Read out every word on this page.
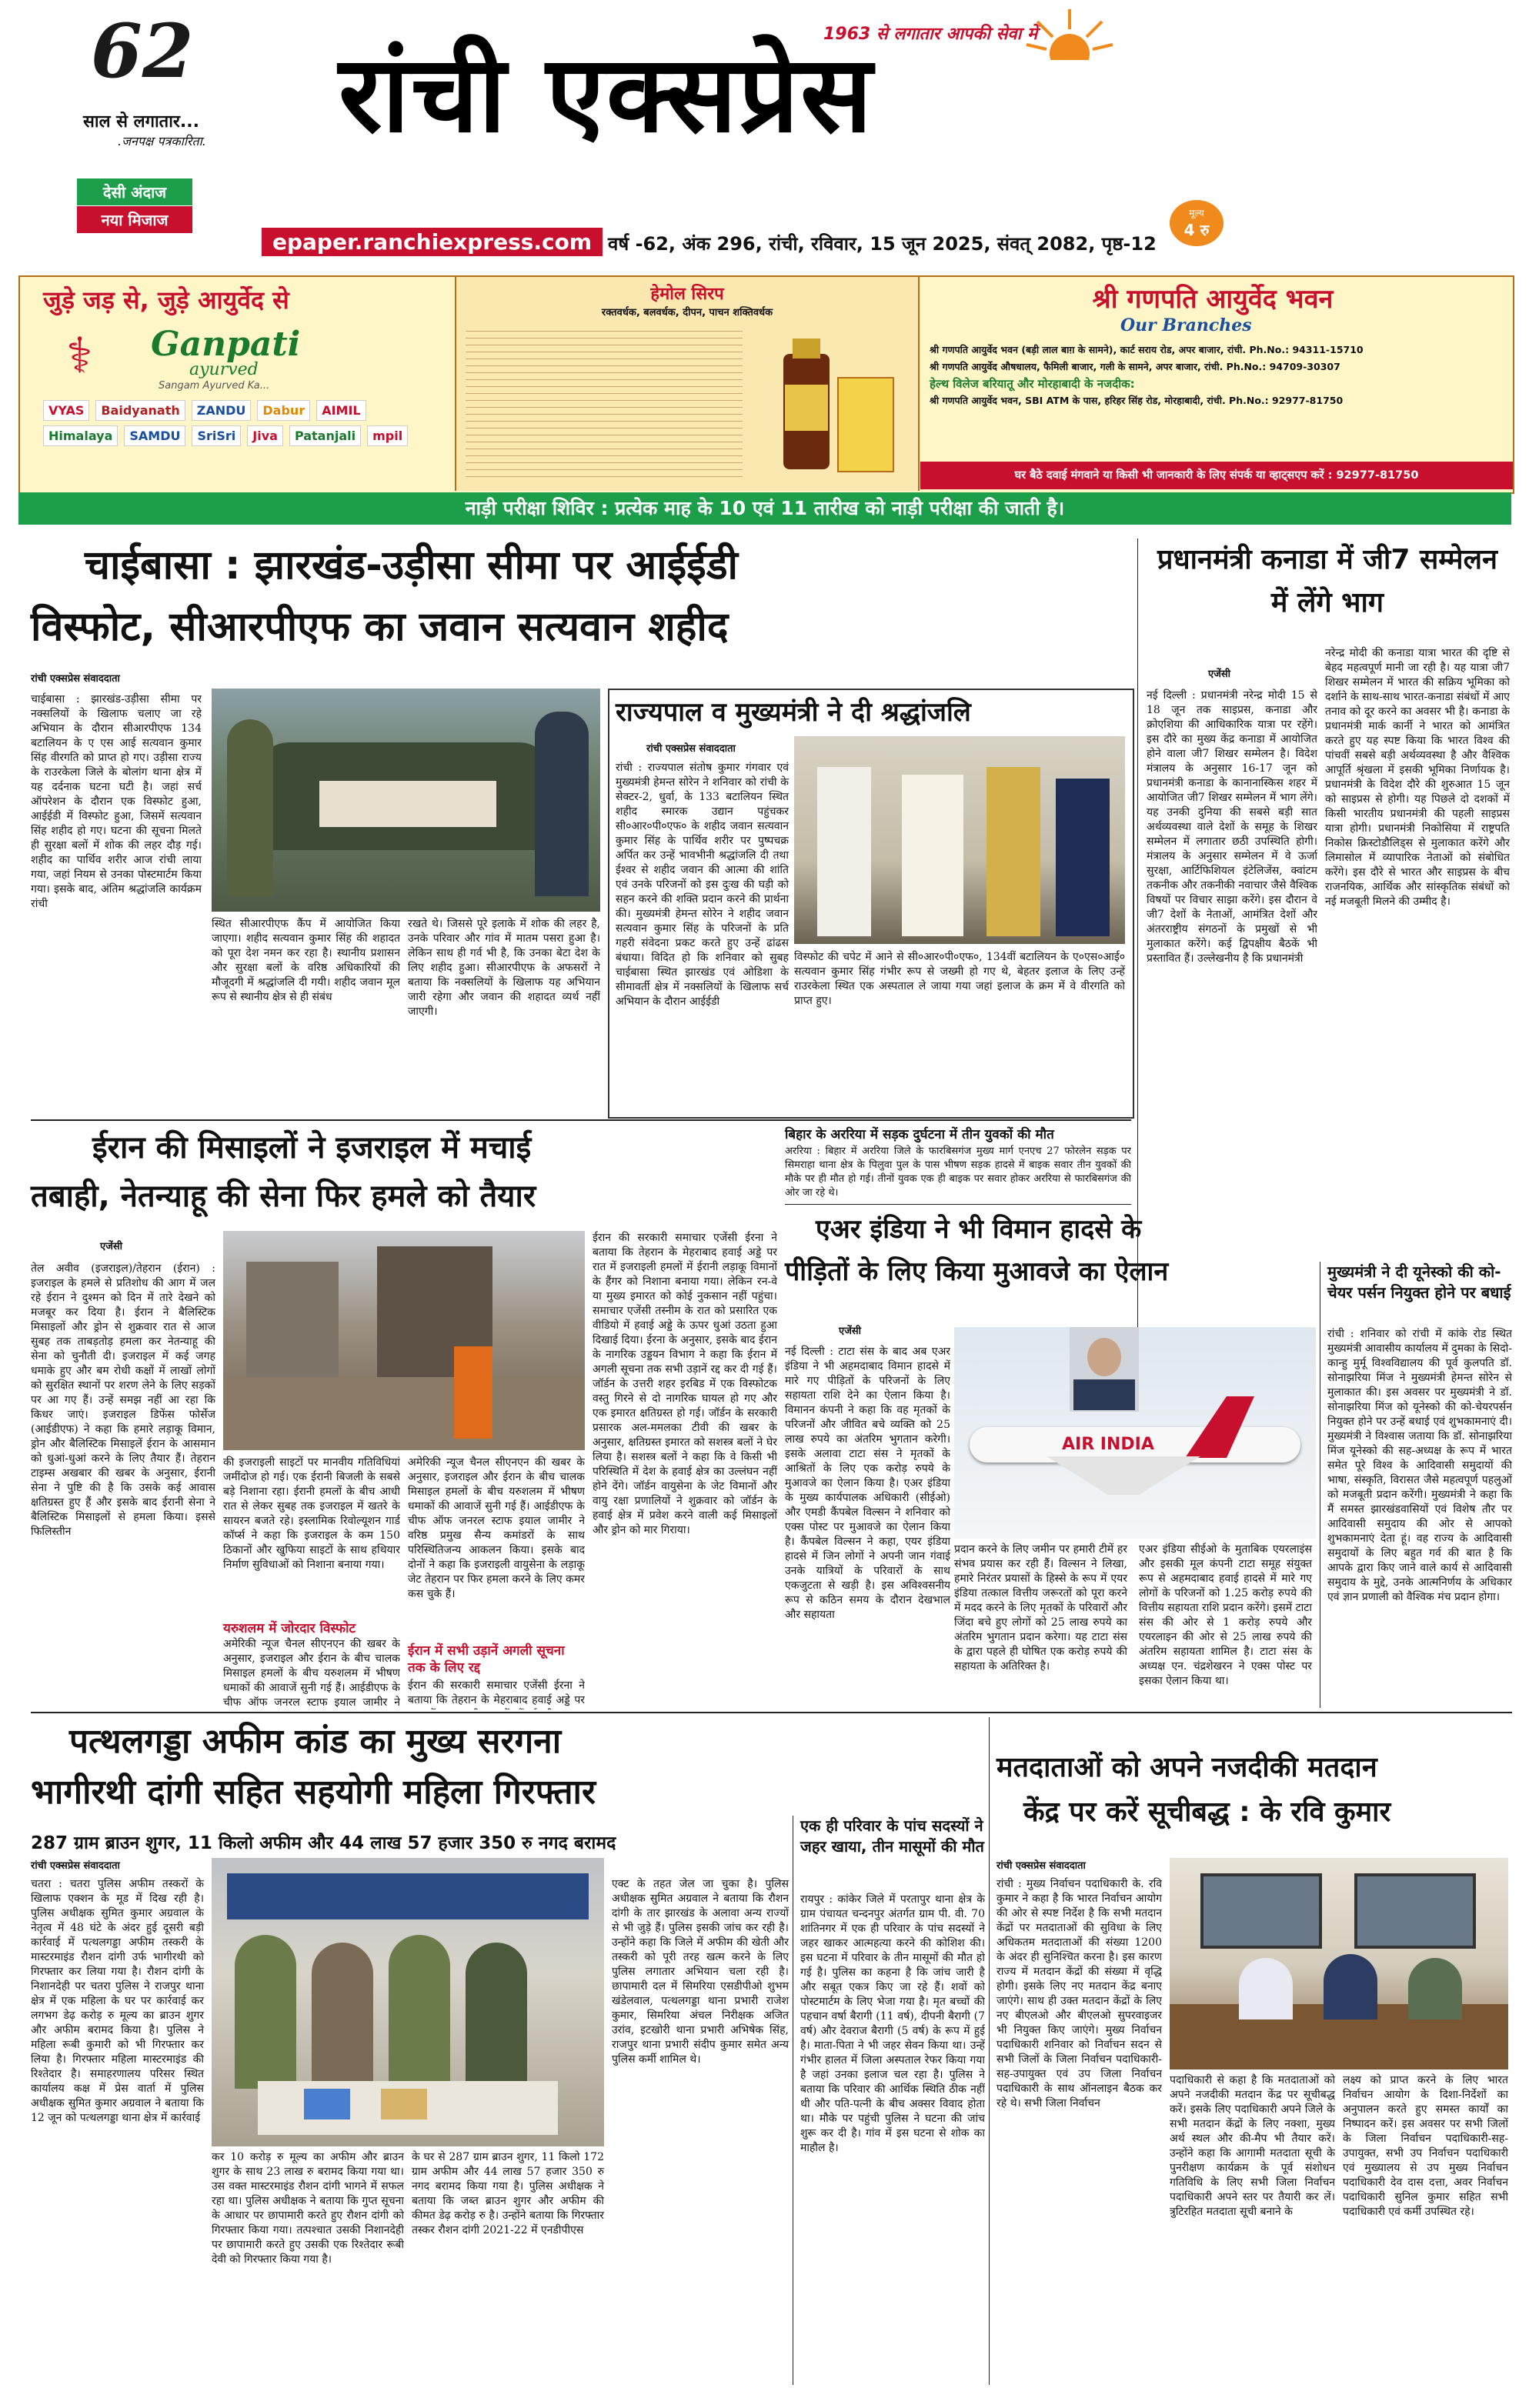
62
साल से लगातार...
.जनपक्ष पत्रकारिता.
देसी अंदाज
नया मिजाज
1963 से लगातार आपकी सेवा में
रांची एक्सप्रेस
मूल्य
4 रु
epaper.ranchiexpress.com वर्ष -62, अंक 296, रांची, रविवार, 15 जून 2025, संवत् 2082, पृष्ठ-12
जुड़े जड़ से, जुड़े आयुर्वेद से
⚕ Ganpati
ayurved
Sangam Ayurved Ka...
VYAS	Baidyanath	ZANDU	Dabur	AIMIL
Himalaya	SAMDU	SriSri	Jiva	Patanjali	mpil
हेमोल सिरप
रक्तवर्धक, बलवर्धक, दीपन, पाचन शक्तिवर्धक	श्री गणपति आयुर्वेद भवन
Our Branches
श्री गणपति आयुर्वेद भवन (बड़ी लाल बाग़ के सामने), कार्ट सराय रोड, अपर बाजार, रांची. Ph.No.: 94311-15710
श्री गणपति आयुर्वेद औषधालय, फैमिली बाजार, गली के सामने, अपर बाजार, रांची. Ph.No.: 94709-30307
हेल्थ विलेज बरियातू और मोरहाबादी के नजदीक:
श्री गणपति आयुर्वेद भवन, SBI ATM के पास, हरिहर सिंह रोड, मोरहाबादी, रांची. Ph.No.: 92977-81750
घर बैठे दवाई मंगवाने या किसी भी जानकारी के लिए संपर्क या व्हाट्सएप करें : 92977-81750
नाड़ी परीक्षा शिविर : प्रत्येक माह के 10 एवं 11 तारीख को नाड़ी परीक्षा की जाती है।
चाईबासा : झारखंड-उड़ीसा सीमा पर आईईडी
विस्फोट, सीआरपीएफ का जवान सत्यवान शहीद
रांची एक्सप्रेस संवाददाता
चाईबासा : झारखंड-उड़ीसा सीमा पर नक्सलियों के खिलाफ चलाए जा रहे अभियान के दौरान सीआरपीएफ 134 बटालियन के ए एस आई सत्यवान कुमार सिंह वीरगति को प्राप्त हो गए। उड़ीसा राज्य के राउरकेला जिले के बोलांग थाना क्षेत्र में यह दर्दनाक घटना घटी है। जहां सर्च ऑपरेशन के दौरान एक विस्फोट हुआ, आईईडी में विस्फोट हुआ, जिसमें सत्यवान सिंह शहीद हो गए। घटना की सूचना मिलते ही सुरक्षा बलों में शोक की लहर दौड़ गई। शहीद का पार्थिव शरीर आज रांची लाया गया, जहां नियम से उनका पोस्टमार्टम किया गया। इसके बाद, अंतिम श्रद्धांजलि कार्यक्रम रांची
स्थित सीआरपीएफ कैंप में आयोजित किया जाएगा। शहीद सत्यवान कुमार सिंह की शहादत को पूरा देश नमन कर रहा है। स्थानीय प्रशासन और सुरक्षा बलों के वरिष्ठ अधिकारियों की मौजूदगी में श्रद्धांजलि दी गयी। शहीद जवान मूल रूप से स्थानीय क्षेत्र से ही संबंध
रखते थे। जिससे पूरे इलाके में शोक की लहर है, उनके परिवार और गांव में मातम पसरा हुआ है। लेकिन साथ ही गर्व भी है, कि उनका बेटा देश के लिए शहीद हुआ। सीआरपीएफ के अफसरों ने बताया कि नक्सलियों के खिलाफ यह अभियान जारी रहेगा और जवान की शहादत व्यर्थ नहीं जाएगी।
राज्यपाल व मुख्यमंत्री ने दी श्रद्धांजलि
रांची एक्सप्रेस संवाददाता
रांची : राज्यपाल संतोष कुमार गंगवार एवं मुख्यमंत्री हेमन्त सोरेन ने शनिवार को रांची के सेक्टर-2, धुर्वा, के 133 बटालियन स्थित शहीद स्मारक उद्यान पहुंचकर सी०आर०पी०एफ० के शहीद जवान सत्यवान कुमार सिंह के पार्थिव शरीर पर पुष्पचक्र अर्पित कर उन्हें भावभीनी श्रद्धांजलि दी तथा ईश्वर से शहीद जवान की आत्मा की शांति एवं उनके परिजनों को इस दुःख की घड़ी को सहन करने की शक्ति प्रदान करने की प्रार्थना की। मुख्यमंत्री हेमन्त सोरेन ने शहीद जवान सत्यवान कुमार सिंह के परिजनों के प्रति गहरी संवेदना प्रकट करते हुए उन्हें ढांढस बंधाया। विदित हो कि शनिवार को सुबह चाईबासा स्थित झारखंड एवं ओडिशा के सीमावर्ती क्षेत्र में नक्सलियों के खिलाफ सर्च अभियान के दौरान आईईडी
विस्फोट की चपेट में आने से सी०आर०पी०एफ०, 134वीं बटालियन के ए०एस०आई० सत्यवान कुमार सिंह गंभीर रूप से जख्मी हो गए थे, बेहतर इलाज के लिए उन्हें राउरकेला स्थित एक अस्पताल ले जाया गया जहां इलाज के क्रम में वे वीरगति को प्राप्त हुए।
प्रधानमंत्री कनाडा में जी7 सम्मेलन में लेंगे भाग
एजेंसी
नई दिल्ली : प्रधानमंत्री नरेन्द्र मोदी 15 से 18 जून तक साइप्रस, कनाडा और क्रोएशिया की आधिकारिक यात्रा पर रहेंगे। इस दौरे का मुख्य केंद्र कनाडा में आयोजित होने वाला जी7 शिखर सम्मेलन है। विदेश मंत्रालय के अनुसार 16-17 जून को प्रधानमंत्री कनाडा के कानानास्किस शहर में आयोजित जी7 शिखर सम्मेलन में भाग लेंगे। यह उनकी दुनिया की सबसे बड़ी सात अर्थव्यवस्था वाले देशों के समूह के शिखर सम्मेलन में लगातार छठी उपस्थिति होगी। मंत्रालय के अनुसार सम्मेलन में वे ऊर्जा सुरक्षा, आर्टिफिशियल इंटेलिजेंस, क्वांटम तकनीक और तकनीकी नवाचार जैसे वैश्विक विषयों पर विचार साझा करेंगे। इस दौरान वे जी7 देशों के नेताओं, आमंत्रित देशों और अंतरराष्ट्रीय संगठनों के प्रमुखों से भी मुलाकात करेंगे। कई द्विपक्षीय बैठकें भी प्रस्तावित हैं। उल्लेखनीय है कि प्रधानमंत्री
नरेन्द्र मोदी की कनाडा यात्रा भारत की दृष्टि से बेहद महत्वपूर्ण मानी जा रही है। यह यात्रा जी7 शिखर सम्मेलन में भारत की सक्रिय भूमिका को दर्शाने के साथ-साथ भारत-कनाडा संबंधों में आए तनाव को दूर करने का अवसर भी है। कनाडा के प्रधानमंत्री मार्क कार्नी ने भारत को आमंत्रित करते हुए यह स्पष्ट किया कि भारत विश्व की पांचवीं सबसे बड़ी अर्थव्यवस्था है और वैश्विक आपूर्ति श्रृंखला में इसकी भूमिका निर्णायक है। प्रधानमंत्री के विदेश दौरे की शुरुआत 15 जून को साइप्रस से होगी। यह पिछले दो दशकों में किसी भारतीय प्रधानमंत्री की पहली साइप्रस यात्रा होगी। प्रधानमंत्री निकोसिया में राष्ट्रपति निकोस क्रिस्टोडौलिड्स से मुलाकात करेंगे और लिमासोल में व्यापारिक नेताओं को संबोधित करेंगे। इस दौरे से भारत और साइप्रस के बीच राजनयिक, आर्थिक और सांस्कृतिक संबंधों को नई मजबूती मिलने की उम्मीद है।
ईरान की मिसाइलों ने इजराइल में मचाई
तबाही, नेतन्याहू की सेना फिर हमले को तैयार
एजेंसी
तेल अवीव (इजराइल)/तेहरान (ईरान) : इजराइल के हमले से प्रतिशोध की आग में जल रहे ईरान ने दुश्मन को दिन में तारे देखने को मजबूर कर दिया है। ईरान ने बैलिस्टिक मिसाइलों और ड्रोन से शुक्रवार रात से आज सुबह तक ताबड़तोड़ हमला कर नेतन्याहू की सेना को चुनौती दी। इजराइल में कई जगह धमाके हुए और बम रोधी कक्षों में लाखों लोगों को सुरक्षित स्थानों पर शरण लेने के लिए सड़कों पर आ गए हैं। उन्हें समझ नहीं आ रहा कि किधर जाएं। इजराइल डिफेंस फोर्सेज (आईडीएफ) ने कहा कि हमारे लड़ाकू विमान, ड्रोन और बैलिस्टिक मिसाइलें ईरान के आसमान को धुआं-धुआं करने के लिए तैयार हैं। तेहरान टाइम्स अखबार की खबर के अनुसार, ईरानी सेना ने पुष्टि की है कि उसके कई आवास क्षतिग्रस्त हुए हैं और इसके बाद ईरानी सेना ने बैलिस्टिक मिसाइलों से हमला किया। इससे फिलिस्तीन
की इजराइली साइटों पर मानवीय गतिविधियां जमींदोज हो गई। एक ईरानी बिजली के सबसे बड़े निशाना रहा। ईरानी हमलों के बीच आधी रात से लेकर सुबह तक इजराइल में खतरे के सायरन बजते रहे। इस्लामिक रिवोल्यूशन गार्ड कॉर्प्स ने कहा कि इजराइल के कम 150 ठिकानों और खुफिया साइटों के साथ हथियार निर्माण सुविधाओं को निशाना बनाया गया।
यरुशलम में जोरदार विस्फोट
अमेरिकी न्यूज चैनल सीएनएन की खबर के अनुसार, इजराइल और ईरान के बीच चालक मिसाइल हमलों के बीच यरुशलम में भीषण धमाकों की आवाजें सुनी गई हैं। आईडीएफ के चीफ ऑफ जनरल स्टाफ इयाल जामीर ने
अमेरिकी न्यूज चैनल सीएनएन की खबर के अनुसार, इजराइल और ईरान के बीच चालक मिसाइल हमलों के बीच यरुशलम में भीषण धमाकों की आवाजें सुनी गई हैं। आईडीएफ के चीफ ऑफ जनरल स्टाफ इयाल जामीर ने वरिष्ठ प्रमुख सैन्य कमांडरों के साथ परिस्थितिजन्य आकलन किया। इसके बाद दोनों ने कहा कि इजराइली वायुसेना के लड़ाकू जेट तेहरान पर फिर हमला करने के लिए कमर कस चुके हैं।
ईरान में सभी उड़ानें अगली सूचना तक के लिए रद्द
ईरान की सरकारी समाचार एजेंसी ईरना ने बताया कि तेहरान के मेहराबाद हवाई अड्डे पर
ईरान की सरकारी समाचार एजेंसी ईरना ने बताया कि तेहरान के मेहराबाद हवाई अड्डे पर रात में इजराइली हमलों में ईरानी लड़ाकू विमानों के हैंगर को निशाना बनाया गया। लेकिन रन-वे या मुख्य इमारत को कोई नुकसान नहीं पहुंचा। समाचार एजेंसी तस्नीम के रात को प्रसारित एक वीडियो में हवाई अड्डे के ऊपर धुआं उठता हुआ दिखाई दिया। ईरना के अनुसार, इसके बाद ईरान के नागरिक उड्डयन विभाग ने कहा कि ईरान में अगली सूचना तक सभी उड़ानें रद्द कर दी गई हैं। जॉर्डन के उत्तरी शहर इरबिड में एक विस्फोटक वस्तु गिरने से दो नागरिक घायल हो गए और एक इमारत क्षतिग्रस्त हो गई। जॉर्डन के सरकारी प्रसारक अल-ममलका टीवी की खबर के अनुसार, क्षतिग्रस्त इमारत को सशस्त्र बलों ने घेर लिया है। सशस्त्र बलों ने कहा कि वे किसी भी परिस्थिति में देश के हवाई क्षेत्र का उल्लंघन नहीं होने देंगे। जॉर्डन वायुसेना के जेट विमानों और वायु रक्षा प्रणालियों ने शुक्रवार को जॉर्डन के हवाई क्षेत्र में प्रवेश करने वाली कई मिसाइलों और ड्रोन को मार गिराया।
बिहार के अररिया में सड़क दुर्घटना में तीन युवकों की मौत
अररिया : बिहार में अररिया जिले के फारबिसगंज मुख्य मार्ग एनएच 27 फोरलेन सड़क पर सिमराहा थाना क्षेत्र के पिलुवा पुल के पास भीषण सड़क हादसे में बाइक सवार तीन युवकों की मौके पर ही मौत हो गई। तीनों युवक एक ही बाइक पर सवार होकर अररिया से फारबिसगंज की ओर जा रहे थे।
एअर इंडिया ने भी विमान हादसे के
पीड़ितों के लिए किया मुआवजे का ऐलान
एजेंसी
नई दिल्ली : टाटा संस के बाद अब एअर इंडिया ने भी अहमदाबाद विमान हादसे में मारे गए पीड़ितों के परिजनों के लिए सहायता राशि देने का ऐलान किया है। विमानन कंपनी ने कहा कि वह मृतकों के परिजनों और जीवित बचे व्यक्ति को 25 लाख रुपये का अंतरिम भुगतान करेगी। इसके अलावा टाटा संस ने मृतकों के आश्रितों के लिए एक करोड़ रुपये के मुआवजे का ऐलान किया है। एअर इंडिया के मुख्य कार्यपालक अधिकारी (सीईओ) और एमडी कैंपबेल विल्सन ने शनिवार को एक्स पोस्ट पर मुआवजे का ऐलान किया है। कैंपबेल विल्सन ने कहा, एयर इंडिया हादसे में जिन लोगों ने अपनी जान गंवाई उनके यात्रियों के परिवारों के साथ एकजुटता से खड़ी है। इस अविश्वसनीय रूप से कठिन समय के दौरान देखभाल और सहायता
AIR INDIA
प्रदान करने के लिए जमीन पर हमारी टीमें हर संभव प्रयास कर रही हैं। विल्सन ने लिखा, हमारे निरंतर प्रयासों के हिस्से के रूप में एयर इंडिया तत्काल वित्तीय जरूरतों को पूरा करने में मदद करने के लिए मृतकों के परिवारों और जिंदा बचे हुए लोगों को 25 लाख रुपये का अंतरिम भुगतान प्रदान करेगा। यह टाटा संस के द्वारा पहले ही घोषित एक करोड़ रुपये की सहायता के अतिरिक्त है।
एअर इंडिया सीईओ के मुताबिक एयरलाइंस और इसकी मूल कंपनी टाटा समूह संयुक्त रूप से अहमदाबाद हवाई हादसे में मारे गए लोगों के परिजनों को 1.25 करोड़ रुपये की वित्तीय सहायता राशि प्रदान करेंगे। इसमें टाटा संस की ओर से 1 करोड़ रुपये और एयरलाइन की ओर से 25 लाख रुपये की अंतरिम सहायता शामिल है। टाटा संस के अध्यक्ष एन. चंद्रशेखरन ने एक्स पोस्ट पर इसका ऐलान किया था।
मुख्यमंत्री ने दी यूनेस्को की को-चेयर पर्सन नियुक्त होने पर बधाई
रांची : शनिवार को रांची में कांके रोड स्थित मुख्यमंत्री आवासीय कार्यालय में दुमका के सिदो-कान्हु मुर्मू विश्वविद्यालय की पूर्व कुलपति डॉ. सोनाझरिया मिंज ने मुख्यमंत्री हेमन्त सोरेन से मुलाकात की। इस अवसर पर मुख्यमंत्री ने डॉ. सोनाझरिया मिंज को यूनेस्को की को-चेयरपर्सन नियुक्त होने पर उन्हें बधाई एवं शुभकामनाएं दी। मुख्यमंत्री ने विश्वास जताया कि डॉ. सोनाझरिया मिंज यूनेस्को की सह-अध्यक्ष के रूप में भारत समेत पूरे विश्व के आदिवासी समुदायों की भाषा, संस्कृति, विरासत जैसे महत्वपूर्ण पहलुओं को मजबूती प्रदान करेंगी। मुख्यमंत्री ने कहा कि मैं समस्त झारखंडवासियों एवं विशेष तौर पर आदिवासी समुदाय की ओर से आपको शुभकामनाएं देता हूं। वह राज्य के आदिवासी समुदायों के लिए बहुत गर्व की बात है कि आपके द्वारा किए जाने वाले कार्य से आदिवासी समुदाय के मुद्दे, उनके आत्मनिर्णय के अधिकार एवं ज्ञान प्रणाली को वैश्विक मंच प्रदान होगा।
पत्थलगड्डा अफीम कांड का मुख्य सरगना
भागीरथी दांगी सहित सहयोगी महिला गिरफ्तार
287 ग्राम ब्राउन शुगर, 11 किलो अफीम और 44 लाख 57 हजार 350 रु नगद बरामद
रांची एक्सप्रेस संवाददाता
चतरा : चतरा पुलिस अफीम तस्करों के खिलाफ एक्शन के मूड में दिख रही है। पुलिस अधीक्षक सुमित कुमार अग्रवाल के नेतृत्व में 48 घंटे के अंदर हुई दूसरी बड़ी कार्रवाई में पत्थलगड्डा अफीम तस्करी के मास्टरमाइंड रौशन दांगी उर्फ भागीरथी को गिरफ्तार कर लिया गया है। रौशन दांगी के निशानदेही पर चतरा पुलिस ने राजपुर थाना क्षेत्र में एक महिला के घर पर कार्रवाई कर लगभग डेढ़ करोड़ रु मूल्य का ब्राउन शुगर और अफीम बरामद किया है। पुलिस ने महिला रूबी कुमारी को भी गिरफ्तार कर लिया है। गिरफ्तार महिला मास्टरमाइंड की रिश्तेदार है। समाहरणालय परिसर स्थित कार्यालय कक्ष में प्रेस वार्ता में पुलिस अधीक्षक सुमित कुमार अग्रवाल ने बताया कि 12 जून को पत्थलगड्डा थाना क्षेत्र में कार्रवाई
कर 10 करोड़ रु मूल्य का अफीम और ब्राउन शुगर के साथ 23 लाख रु बरामद किया गया था। उस वक्त मास्टरमाइंड रौशन दांगी भागने में सफल रहा था। पुलिस अधीक्षक ने बताया कि गुप्त सूचना के आधार पर छापामारी करते हुए रौशन दांगी को गिरफ्तार किया गया। तत्पश्चात उसकी निशानदेही पर छापामारी करते हुए उसकी एक रिश्तेदार रूबी देवी को गिरफ्तार किया गया है।
के घर से 287 ग्राम ब्राउन शुगर, 11 किलो 172 ग्राम अफीम और 44 लाख 57 हजार 350 रु नगद बरामद किया गया है। पुलिस अधीक्षक ने बताया कि जब्त ब्राउन शुगर और अफीम की कीमत डेढ़ करोड़ रु है। उन्होंने बताया कि गिरफ्तार तस्कर रौशन दांगी 2021-22 में एनडीपीएस
एक्ट के तहत जेल जा चुका है। पुलिस अधीक्षक सुमित अग्रवाल ने बताया कि रौशन दांगी के तार झारखंड के अलावा अन्य राज्यों से भी जुड़े हैं। पुलिस इसकी जांच कर रही है। उन्होंने कहा कि जिले में अफीम की खेती और तस्करी को पूरी तरह खत्म करने के लिए पुलिस लगातार अभियान चला रही है। छापामारी दल में सिमरिया एसडीपीओ शुभम खंडेलवाल, पत्थलगड्डा थाना प्रभारी राजेश कुमार, सिमरिया अंचल निरीक्षक अजित उरांव, इटखोरी थाना प्रभारी अभिषेक सिंह, राजपुर थाना प्रभारी संदीप कुमार समेत अन्य पुलिस कर्मी शामिल थे।
एक ही परिवार के पांच सदस्यों ने जहर खाया, तीन मासूमों की मौत
रायपुर : कांकेर जिले में परतापुर थाना क्षेत्र के ग्राम पंचायत चन्दनपुर अंतर्गत ग्राम पी. वी. 70 शांतिनगर में एक ही परिवार के पांच सदस्यों ने जहर खाकर आत्महत्या करने की कोशिश की। इस घटना में परिवार के तीन मासूमों की मौत हो गई है। पुलिस का कहना है कि जांच जारी है और सबूत एकत्र किए जा रहे हैं। शवों को पोस्टमार्टम के लिए भेजा गया है। मृत बच्चों की पहचान वर्षा बैरागी (11 वर्ष), दीपनी बैरागी (7 वर्ष) और देवराज बैरागी (5 वर्ष) के रूप में हुई है। माता-पिता ने भी जहर सेवन किया था। उन्हें गंभीर हालत में जिला अस्पताल रेफर किया गया है जहां उनका इलाज चल रहा है। पुलिस ने बताया कि परिवार की आर्थिक स्थिति ठीक नहीं थी और पति-पत्नी के बीच अक्सर विवाद होता था। मौके पर पहुंची पुलिस ने घटना की जांच शुरू कर दी है। गांव में इस घटना से शोक का माहौल है।
मतदाताओं को अपने नजदीकी मतदान
केंद्र पर करें सूचीबद्ध : के रवि कुमार
रांची एक्सप्रेस संवाददाता
रांची : मुख्य निर्वाचन पदाधिकारी के. रवि कुमार ने कहा है कि भारत निर्वाचन आयोग की ओर से स्पष्ट निर्देश है कि सभी मतदान केंद्रों पर मतदाताओं की सुविधा के लिए अधिकतम मतदाताओं की संख्या 1200 के अंदर ही सुनिश्चित करना है। इस कारण राज्य में मतदान केंद्रों की संख्या में वृद्धि होगी। इसके लिए नए मतदान केंद्र बनाए जाएंगे। साथ ही उक्त मतदान केंद्रों के लिए नए बीएलओ और बीएलओ सुपरवाइजर भी नियुक्त किए जाएंगे। मुख्य निर्वाचन पदाधिकारी शनिवार को निर्वाचन सदन से सभी जिलों के जिला निर्वाचन पदाधिकारी-सह-उपायुक्त एवं उप जिला निर्वाचन पदाधिकारी के साथ ऑनलाइन बैठक कर रहे थे। सभी जिला निर्वाचन
पदाधिकारी से कहा है कि मतदाताओं को अपने नजदीकी मतदान केंद्र पर सूचीबद्ध करें। इसके लिए पदाधिकारी अपने जिले के सभी मतदान केंद्रों के लिए नक्शा, मुख्य अर्थ स्थल और की-मैप भी तैयार करें। उन्होंने कहा कि आगामी मतदाता सूची के पुनरीक्षण कार्यक्रम के पूर्व संशोधन गतिविधि के लिए सभी जिला निर्वाचन पदाधिकारी अपने स्तर पर तैयारी कर लें। त्रुटिरहित मतदाता सूची बनाने के
लक्ष्य को प्राप्त करने के लिए भारत निर्वाचन आयोग के दिशा-निर्देशों का अनुपालन करते हुए समस्त कार्यों का निष्पादन करें। इस अवसर पर सभी जिलों के जिला निर्वाचन पदाधिकारी-सह-उपायुक्त, सभी उप निर्वाचन पदाधिकारी एवं मुख्यालय से उप मुख्य निर्वाचन पदाधिकारी देव दास दत्ता, अवर निर्वाचन पदाधिकारी सुनिल कुमार सहित सभी पदाधिकारी एवं कर्मी उपस्थित रहे।
